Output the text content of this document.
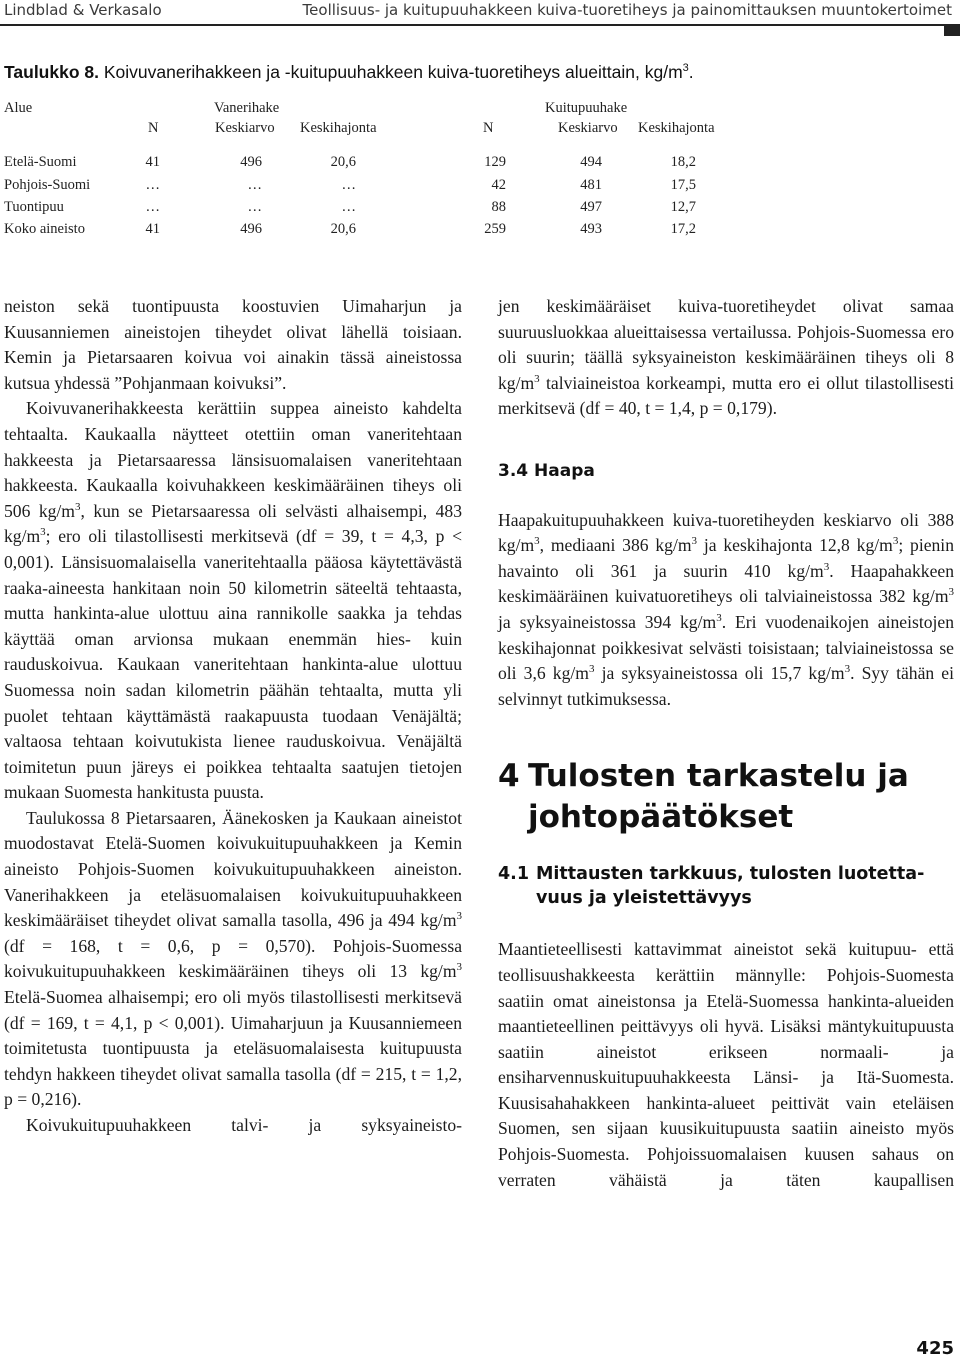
Lindblad & Verkasalo	Teollisuus- ja kuitupuuhakkeen kuiva-tuoretiheys ja painomittauksen muuntokertoimet
Taulukko 8. Koivuvanerihakkeen ja -kuitupuuhakkeen kuiva-tuoretiheys alueittain, $kg/m^3$.
Alue	Vanerihake	Kuitupuuhake
N	Keskiarvo Keskihajonta	N	Keskiarvo Keskihajonta
Etelä-Suomi	41	496	20,6	129	494	18,2
Pohjois-Suomi	…	…	…	42	481	17,5
Tuontipuu	…	…	…	88	497	12,7
Koko aineisto	41	496	20,6	259	493	17,2

neiston sekä tuontipuusta koostuvien Uimaharjun ja Kuusanniemen aineistojen tiheydet olivat lähellä toisiaan. Kemin ja Pietarsaaren koivua voi ainakin tässä aineistossa kutsua yhdessä ”Pohjanmaan koivuksi”.

Koivuvanerihakkeesta kerättiin suppea aineisto kahdelta tehtaalta. Kaukaalla näytteet otettiin oman vaneritehtaan hakkeesta ja Pietarsaaressa länsisuomalaisen vaneritehtaan hakkeesta. Kaukaalla koivuhakkeen keskimääräinen tiheys oli 506 $kg/m^3$, kun se Pietarsaaressa oli selvästi alhaisempi, 483 $kg/m^3$; ero oli tilastollisesti merkitsevä (df = 39, t = 4,3, p < 0,001). Länsisuomalaisella vaneritehtaalla pääosa käytettävästä raaka-aineesta hankitaan noin 50 kilometrin säteeltä tehtaasta, mutta hankinta-alue ulottuu aina rannikolle saakka ja tehdas käyttää oman arvionsa mukaan enemmän hies- kuin rauduskoivua. Kaukaan vaneritehtaan hankinta-alue ulottuu Suomessa noin sadan kilometrin päähän tehtaalta, mutta yli puolet tehtaan käyttämästä raakapuusta tuodaan Venäjältä; valtaosa tehtaan koivutukista lienee rauduskoivua. Venäjältä toimitetun puun järeys ei poikkea tehtaalta saatujen tietojen mukaan Suomesta hankitusta puusta.

Taulukossa 8 Pietarsaaren, Äänekosken ja Kaukaan aineistot muodostavat Etelä-Suomen koivukuitupuuhakkeen ja Kemin aineisto Pohjois-Suomen koivukuitupuuhakkeen aineiston. Vanerihakkeen ja eteläsuomalaisen koivukuitupuuhakkeen keskimääräiset tiheydet olivat samalla tasolla, 496 ja 494 $kg/m^3$ (df = 168, t = 0,6, p = 0,570). Pohjois-Suomessa koivukuitupuuhakkeen keskimääräinen tiheys oli 13 $kg/m^3$ Etelä-Suomea alhaisempi; ero oli myös tilastollisesti merkitsevä (df = 169, t = 4,1, p < 0,001). Uimaharjuun ja Kuusanniemeen toimitetusta tuontipuusta ja eteläsuomalaisesta kuitupuusta tehdyn hakkeen tiheydet olivat samalla tasolla (df = 215, t = 1,2, p = 0,216).

Koivukuitupuuhakkeen talvi- ja syksyaineisto-

jen keskimääräiset kuiva-tuoretiheydet olivat samaa suuruusluokkaa alueittaisessa vertailussa. Pohjois-Suomessa ero oli suurin; täällä syksyaineiston keskimääräinen tiheys oli 8 $kg/m^3$ talviaineistoa korkeampi, mutta ero ei ollut tilastollisesti merkitsevä (df = 40, t = 1,4, p = 0,179).

3.4 Haapa

Haapakuitupuuhakkeen kuiva-tuoretiheyden keskiarvo oli 388 $kg/m^3$, mediaani 386 $kg/m^3$ ja keskihajonta 12,8 $kg/m^3$; pienin havainto oli 361 ja suurin 410 $kg/m^3$. Haapahakkeen keskimääräinen kuivatuoretiheys oli talviaineistossa 382 $kg/m^3$ ja syksyaineistossa 394 $kg/m^3$. Eri vuodenaikojen aineistojen keskihajonnat poikkesivat selvästi toisistaan; talviaineistossa se oli 3,6 $kg/m^3$ ja syksyaineistossa oli 15,7 $kg/m^3$. Syy tähän ei selvinnyt tutkimuksessa.

4 Tulosten tarkastelu ja
johtopäätökset
4.1 Mittausten tarkkuus, tulosten luotetta-
vuus ja yleistettävyys

Maantieteellisesti kattavimmat aineistot sekä kuitupuu- että teollisuushakkeesta kerättiin männylle: Pohjois-Suomesta saatiin omat aineistonsa ja Etelä-Suomessa hankinta-alueiden maantieteellinen peittävyys oli hyvä. Lisäksi mäntykuitupuusta saatiin aineistot erikseen normaali- ja ensiharvennuskuitupuuhakkeesta Länsi- ja Itä-Suomesta. Kuusisahahakkeen hankinta-alueet peittivät vain eteläisen Suomen, sen sijaan kuusikuitupuusta saatiin aineisto myös Pohjois-Suomesta. Pohjoissuomalaisen kuusen sahaus on verraten vähäistä ja täten kaupallisen

425
